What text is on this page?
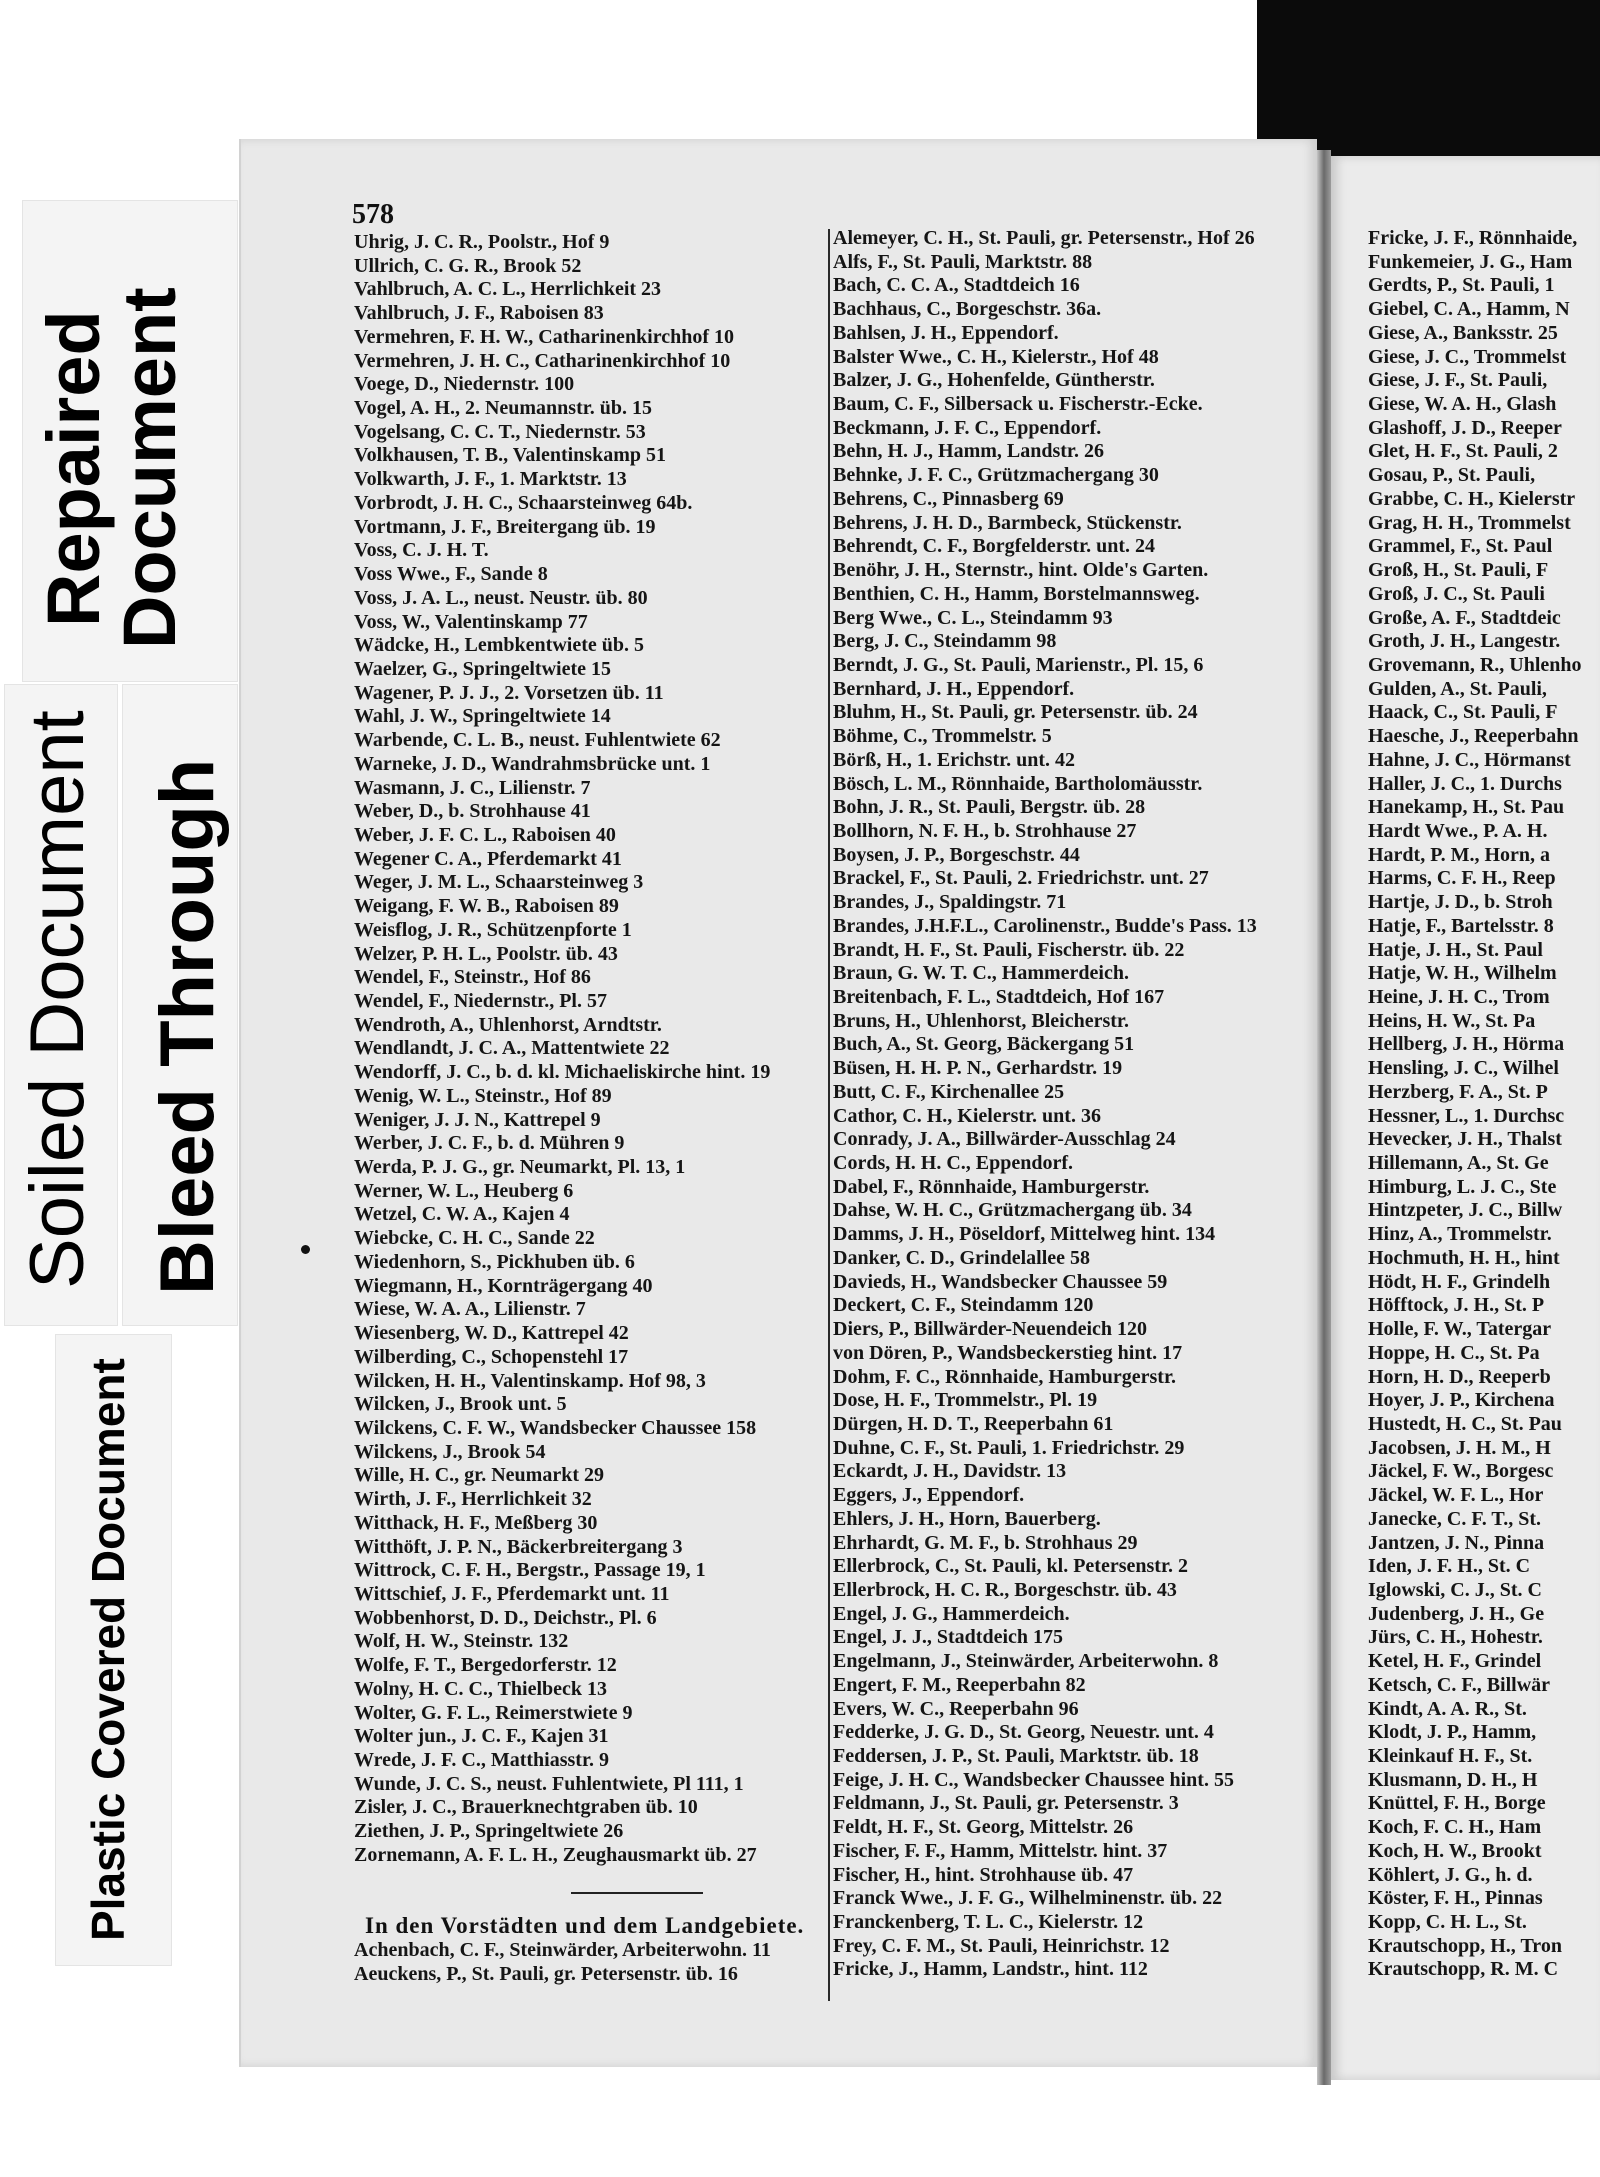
Repaired Document
Soiled Document Bleed Through
Plastic Covered Document
578
Uhrig, J. C. R., Poolstr., Hof 9
Ullrich, C. G. R., Brook 52
Vahlbruch, A. C. L., Herrlichkeit 23
Vahlbruch, J. F., Raboisen 83
Vermehren, F. H. W., Catharinenkirchhof 10
Vermehren, J. H. C., Catharinenkirchhof 10
Voege, D., Niedernstr. 100
Vogel, A. H., 2. Neumannstr. üb. 15
Vogelsang, C. C. T., Niedernstr. 53
Volkhausen, T. B., Valentinskamp 51
Volkwarth, J. F., 1. Marktstr. 13
Vorbrodt, J. H. C., Schaarsteinweg 64b.
Vortmann, J. F., Breitergang üb. 19
Voss, C. J. H. T.
Voss Wwe., F., Sande 8
Voss, J. A. L., neust. Neustr. üb. 80
Voss, W., Valentinskamp 77
Wädcke, H., Lembkentwiete üb. 5
Waelzer, G., Springeltwiete 15
Wagener, P. J. J., 2. Vorsetzen üb. 11
Wahl, J. W., Springeltwiete 14
Warbende, C. L. B., neust. Fuhlentwiete 62
Warneke, J. D., Wandrahmsbrücke unt. 1
Wasmann, J. C., Lilienstr. 7
Weber, D., b. Strohhause 41
Weber, J. F. C. L., Raboisen 40
Wegener C. A., Pferdemarkt 41
Weger, J. M. L., Schaarsteinweg 3
Weigang, F. W. B., Raboisen 89
Weisflog, J. R., Schützenpforte 1
Welzer, P. H. L., Poolstr. üb. 43
Wendel, F., Steinstr., Hof 86
Wendel, F., Niedernstr., Pl. 57
Wendroth, A., Uhlenhorst, Arndtstr.
Wendlandt, J. C. A., Mattentwiete 22
Wendorff, J. C., b. d. kl. Michaeliskirche hint. 19
Wenig, W. L., Steinstr., Hof 89
Weniger, J. J. N., Kattrepel 9
Werber, J. C. F., b. d. Mühren 9
Werda, P. J. G., gr. Neumarkt, Pl. 13, 1
Werner, W. L., Heuberg 6
Wetzel, C. W. A., Kajen 4
Wiebcke, C. H. C., Sande 22
Wiedenhorn, S., Pickhuben üb. 6
Wiegmann, H., Kornträgergang 40
Wiese, W. A. A., Lilienstr. 7
Wiesenberg, W. D., Kattrepel 42
Wilberding, C., Schopenstehl 17
Wilcken, H. H., Valentinskamp. Hof 98, 3
Wilcken, J., Brook unt. 5
Wilckens, C. F. W., Wandsbecker Chaussee 158
Wilckens, J., Brook 54
Wille, H. C., gr. Neumarkt 29
Wirth, J. F., Herrlichkeit 32
Witthack, H. F., Meßberg 30
Witthöft, J. P. N., Bäckerbreitergang 3
Wittrock, C. F. H., Bergstr., Passage 19, 1
Wittschief, J. F., Pferdemarkt unt. 11
Wobbenhorst, D. D., Deichstr., Pl. 6
Wolf, H. W., Steinstr. 132
Wolfe, F. T., Bergedorferstr. 12
Wolny, H. C. C., Thielbeck 13
Wolter, G. F. L., Reimerstwiete 9
Wolter jun., J. C. F., Kajen 31
Wrede, J. F. C., Matthiasstr. 9
Wunde, J. C. S., neust. Fuhlentwiete, Pl 111, 1
Zisler, J. C., Brauerknechtgraben üb. 10
Ziethen, J. P., Springeltwiete 26
Zornemann, A. F. L. H., Zeughausmarkt üb. 27
Alemeyer, C. H., St. Pauli, gr. Petersenstr., Hof 26
Alfs, F., St. Pauli, Marktstr. 88
Bach, C. C. A., Stadtdeich 16
Bachhaus, C., Borgeschstr. 36a.
Bahlsen, J. H., Eppendorf.
Balster Wwe., C. H., Kielerstr., Hof 48
Balzer, J. G., Hohenfelde, Güntherstr.
Baum, C. F., Silbersack u. Fischerstr.-Ecke.
Beckmann, J. F. C., Eppendorf.
Behn, H. J., Hamm, Landstr. 26
Behnke, J. F. C., Grützmachergang 30
Behrens, C., Pinnasberg 69
Behrens, J. H. D., Barmbeck, Stückenstr.
Behrendt, C. F., Borgfelderstr. unt. 24
Benöhr, J. H., Sternstr., hint. Olde's Garten.
Benthien, C. H., Hamm, Borstelmannsweg.
Berg Wwe., C. L., Steindamm 93
Berg, J. C., Steindamm 98
Berndt, J. G., St. Pauli, Marienstr., Pl. 15, 6
Bernhard, J. H., Eppendorf.
Bluhm, H., St. Pauli, gr. Petersenstr. üb. 24
Böhme, C., Trommelstr. 5
Börß, H., 1. Erichstr. unt. 42
Bösch, L. M., Rönnhaide, Bartholomäusstr.
Bohn, J. R., St. Pauli, Bergstr. üb. 28
Bollhorn, N. F. H., b. Strohhause 27
Boysen, J. P., Borgeschstr. 44
Brackel, F., St. Pauli, 2. Friedrichstr. unt. 27
Brandes, J., Spaldingstr. 71
Brandes, J.H.F.L., Carolinenstr., Budde's Pass. 13
Brandt, H. F., St. Pauli, Fischerstr. üb. 22
Braun, G. W. T. C., Hammerdeich.
Breitenbach, F. L., Stadtdeich, Hof 167
Bruns, H., Uhlenhorst, Bleicherstr.
Buch, A., St. Georg, Bäckergang 51
Büsen, H. H. P. N., Gerhardstr. 19
Butt, C. F., Kirchenallee 25
Cathor, C. H., Kielerstr. unt. 36
Conrady, J. A., Billwärder-Ausschlag 24
Cords, H. H. C., Eppendorf.
Dabel, F., Rönnhaide, Hamburgerstr.
Dahse, W. H. C., Grützmachergang üb. 34
Damms, J. H., Pöseldorf, Mittelweg hint. 134
Danker, C. D., Grindelallee 58
Davieds, H., Wandsbecker Chaussee 59
Deckert, C. F., Steindamm 120
Diers, P., Billwärder-Neuendeich 120
von Dören, P., Wandsbeckerstieg hint. 17
Dohm, F. C., Rönnhaide, Hamburgerstr.
Dose, H. F., Trommelstr., Pl. 19
Dürgen, H. D. T., Reeperbahn 61
Duhne, C. F., St. Pauli, 1. Friedrichstr. 29
Eckardt, J. H., Davidstr. 13
Eggers, J., Eppendorf.
Ehlers, J. H., Horn, Bauerberg.
Ehrhardt, G. M. F., b. Strohhaus 29
Ellerbrock, C., St. Pauli, kl. Petersenstr. 2
Ellerbrock, H. C. R., Borgeschstr. üb. 43
Engel, J. G., Hammerdeich.
Engel, J. J., Stadtdeich 175
Engelmann, J., Steinwärder, Arbeiterwohn. 8
Engert, F. M., Reeperbahn 82
Evers, W. C., Reeperbahn 96
Fedderke, J. G. D., St. Georg, Neuestr. unt. 4
Feddersen, J. P., St. Pauli, Marktstr. üb. 18
Feige, J. H. C., Wandsbecker Chaussee hint. 55
Feldmann, J., St. Pauli, gr. Petersenstr. 3
Feldt, H. F., St. Georg, Mittelstr. 26
Fischer, F. F., Hamm, Mittelstr. hint. 37
Fischer, H., hint. Strohhause üb. 47
Franck Wwe., J. F. G., Wilhelminenstr. üb. 22
Franckenberg, T. L. C., Kielerstr. 12
Frey, C. F. M., St. Pauli, Heinrichstr. 12
Fricke, J., Hamm, Landstr., hint. 112
In den Vorstädten und dem Landgebiete.
Achenbach, C. F., Steinwärder, Arbeiterwohn. 11
Aeuckens, P., St. Pauli, gr. Petersenstr. üb. 16
Fricke, J. F., Rönnhaide,
Funkemeier, J. G., Ham
Gerdts, P., St. Pauli, 1
Giebel, C. A., Hamm, N
Giese, A., Banksstr. 25
Giese, J. C., Trommelst
Giese, J. F., St. Pauli,
Giese, W. A. H., Glash
Glashoff, J. D., Reeper
Glet, H. F., St. Pauli, 2
Gosau, P., St. Pauli,
Grabbe, C. H., Kielerstr
Grag, H. H., Trommelst
Grammel, F., St. Paul
Groß, H., St. Pauli, F
Groß, J. C., St. Pauli
Große, A. F., Stadtdeic
Groth, J. H., Langestr.
Grovemann, R., Uhlenho
Gulden, A., St. Pauli,
Haack, C., St. Pauli, F
Haesche, J., Reeperbahn
Hahne, J. C., Hörmanst
Haller, J. C., 1. Durchs
Hanekamp, H., St. Pau
Hardt Wwe., P. A. H.
Hardt, P. M., Horn, a
Harms, C. F. H., Reep
Hartje, J. D., b. Stroh
Hatje, F., Bartelsstr. 8
Hatje, J. H., St. Paul
Hatje, W. H., Wilhelm
Heine, J. H. C., Trom
Heins, H. W., St. Pa
Hellberg, J. H., Hörma
Hensling, J. C., Wilhel
Herzberg, F. A., St. P
Hessner, L., 1. Durchsc
Hevecker, J. H., Thalst
Hillemann, A., St. Ge
Himburg, L. J. C., Ste
Hintzpeter, J. C., Billw
Hinz, A., Trommelstr.
Hochmuth, H. H., hint
Hödt, H. F., Grindelh
Höfftock, J. H., St. P
Holle, F. W., Tatergar
Hoppe, H. C., St. Pa
Horn, H. D., Reeperb
Hoyer, J. P., Kirchena
Hustedt, H. C., St. Pau
Jacobsen, J. H. M., H
Jäckel, F. W., Borgesc
Jäckel, W. F. L., Hor
Janecke, C. F. T., St.
Jantzen, J. N., Pinna
Iden, J. F. H., St. C
Iglowski, C. J., St. C
Judenberg, J. H., Ge
Jürs, C. H., Hohestr.
Ketel, H. F., Grindel
Ketsch, C. F., Billwär
Kindt, A. A. R., St.
Klodt, J. P., Hamm,
Kleinkauf H. F., St.
Klusmann, D. H., H
Knüttel, F. H., Borge
Koch, F. C. H., Ham
Koch, H. W., Brookt
Köhlert, J. G., h. d.
Köster, F. H., Pinnas
Kopp, C. H. L., St.
Krautschopp, H., Tron
Krautschopp, R. M. C
